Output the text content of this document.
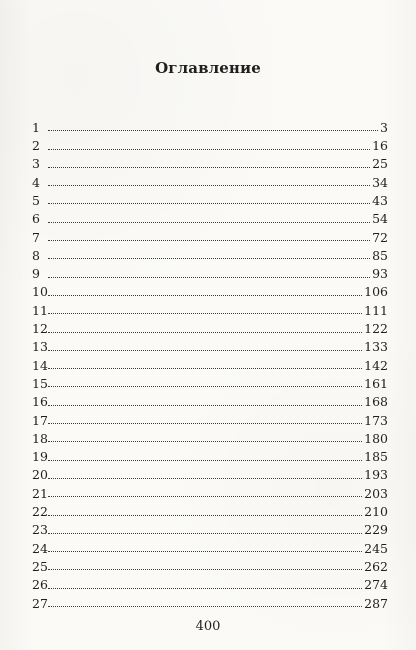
Оглавление
1	3
2	16
3	25
4	34
5	43
6	54
7	72
8	85
9	93
10	106
11	111
12	122
13	133
14	142
15	161
16	168
17	173
18	180
19	185
20	193
21	203
22	210
23	229
24	245
25	262
26	274
27	287
400
